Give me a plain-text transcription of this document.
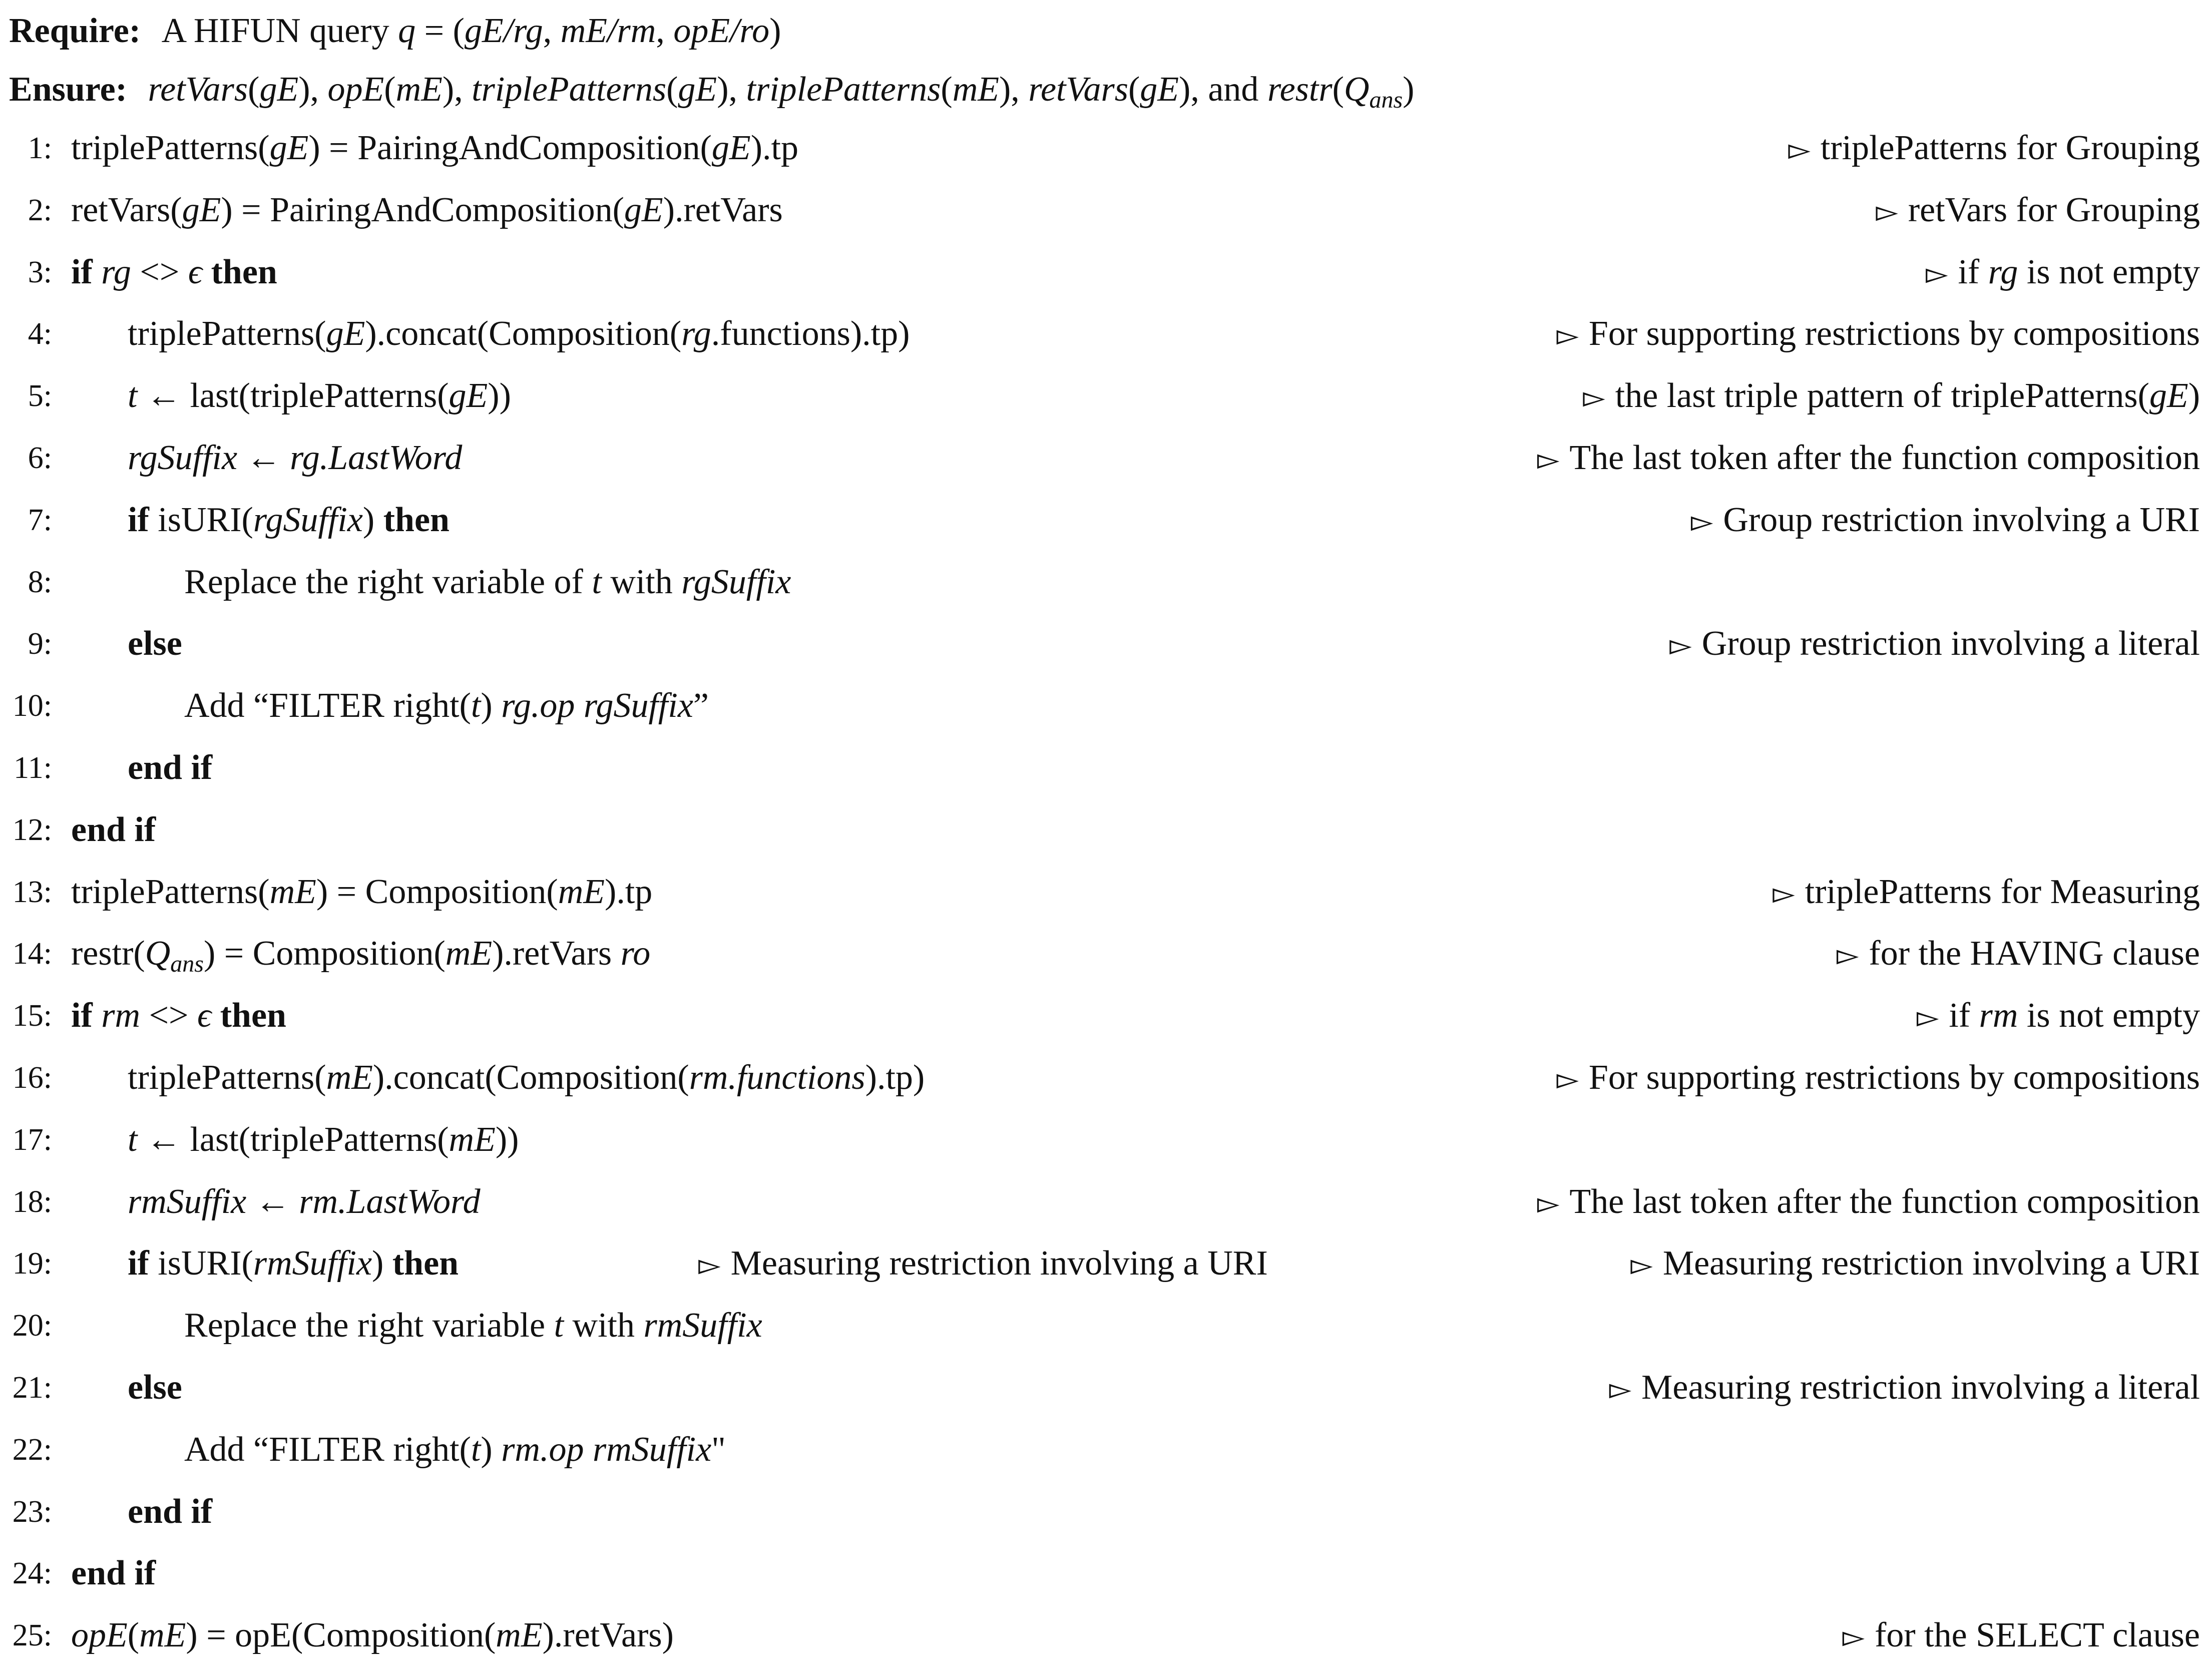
Require: A HIFUN query q = (gE/rg, mE/rm, opE/ro)
Ensure: retVars(gE), opE(mE), triplePatterns(gE), triplePatterns(mE), retVars(gE), and $restr(Q_{ans})$
1: triplePatterns(gE) = PairingAndComposition(gE).tp	▻ triplePatterns for Grouping
2: retVars(gE) = PairingAndComposition(gE).retVars	▻ retVars for Grouping
3: if rg <> ϵ then	▻ if rg is not empty
4: triplePatterns(gE).concat(Composition(rg.functions).tp)	▻ For supporting restrictions by compositions
5: t ← last(triplePatterns(gE))	▻ the last triple pattern of triplePatterns(gE)
6: rgSuffix ← rg.LastWord	▻ The last token after the function composition
7: if isURI(rgSuffix) then	▻ Group restriction involving a URI
8:	Replace the right variable of t with rgSuffix
9: else	▻ Group restriction involving a literal
10:	Add “FILTER right(t) rg.op rgSuffix”
11: end if
12: end if
13: triplePatterns(mE) = Composition(mE).tp	▻ triplePatterns for Measuring
14: $restr(Q_{ans})$ = Composition(mE).retVars ro	▻ for the HAVING clause
15: if rm <> ϵ then	▻ if rm is not empty
16: triplePatterns(mE).concat(Composition(rm.functions).tp)	▻ For supporting restrictions by compositions
17: t ← last(triplePatterns(mE))
18: rmSuffix ← rm.LastWord	▻ The last token after the function composition
19: if isURI(rmSuffix) then	▻ Measuring restriction involving a URI	▻ Measuring restriction involving a URI
20:	Replace the right variable t with rmSuffix
21: else	▻ Measuring restriction involving a literal
22:	Add “FILTER right(t) rm.op rmSuffix"
23: end if
24: end if
25: opE(mE) = opE(Composition(mE).retVars)	▻ for the SELECT clause
